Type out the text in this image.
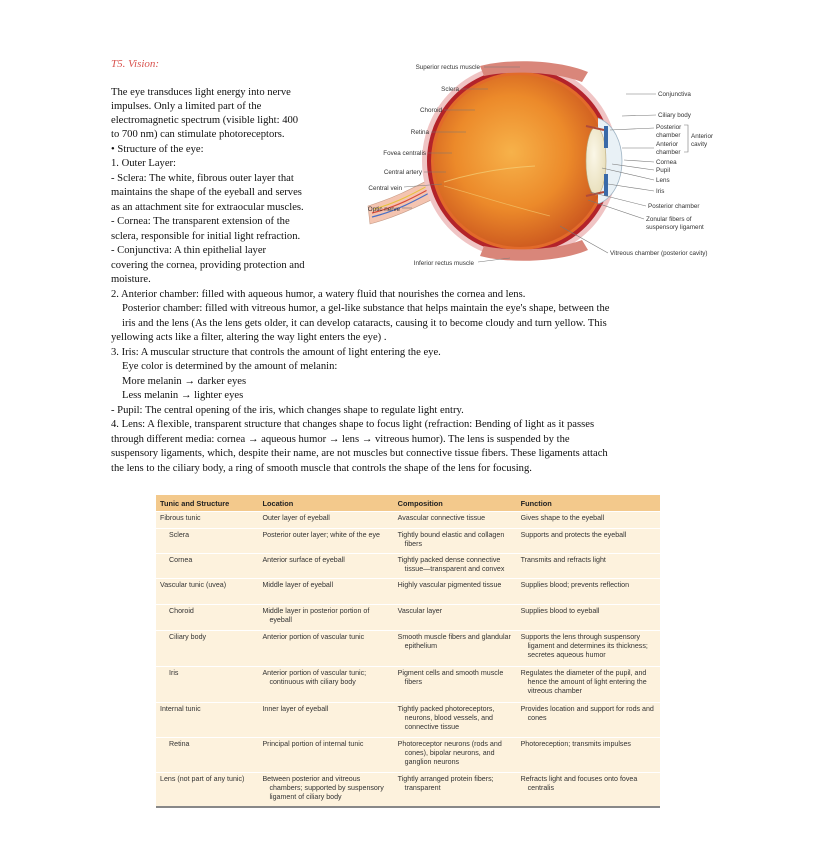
T5. Vision:
The eye transduces light energy into nerve
impulses. Only a limited part of the
electromagnetic spectrum (visible light: 400
to 700 nm) can stimulate photoreceptors.
• Structure of the eye:
1. Outer Layer:
- Sclera: The white, fibrous outer layer that
maintains the shape of the eyeball and serves
as an attachment site for extraocular muscles.
- Cornea: The transparent extension of the
sclera, responsible for initial light refraction.
- Conjunctiva: A thin epithelial layer
covering the cornea, providing protection and
moisture.
2. Anterior chamber: filled with aqueous humor, a watery fluid that nourishes the cornea and lens.
Posterior chamber: filled with vitreous humor, a gel-like substance that helps maintain the eye's shape, between the
iris and the lens (As the lens gets older, it can develop cataracts, causing it to become cloudy and turn yellow. This
yellowing acts like a filter, altering the way light enters the eye) .
3. Iris: A muscular structure that controls the amount of light entering the eye.
Eye color is determined by the amount of melanin:
More melanin → darker eyes
Less melanin → lighter eyes
- Pupil: The central opening of the iris, which changes shape to regulate light entry.
4. Lens: A flexible, transparent structure that changes shape to focus light (refraction: Bending of light as it passes
through different media: cornea → aqueous humor → lens → vitreous humor). The lens is suspended by the
suspensory ligaments, which, despite their name, are not muscles but connective tissue fibers. These ligaments attach
the lens to the ciliary body, a ring of smooth muscle that controls the shape of the lens for focusing.
Superior rectus muscle
Sclera
Choroid
Retina
Fovea centralis
Central artery
Central vein
Optic nerve
Inferior rectus muscle
Conjunctiva
Ciliary body
Posterior
chamber
Anterior
chamber
Anterior
cavity
Cornea
Pupil
Lens
Iris
Posterior chamber
Zonular fibers of
suspensory ligament
Vitreous chamber (posterior cavity)
Tunic and Structure	Location	Composition	Function

Fibrous tunic	Outer layer of eyeball	Avascular connective tissue	Gives shape to the eyeball

Sclera	Posterior outer layer; white of the eye	Tightly bound elastic and collagen fibers	Supports and protects the eyeball

Cornea	Anterior surface of eyeball	Tightly packed dense connective tissue—transparent and convex	Transmits and refracts light

Vascular tunic (uvea)	Middle layer of eyeball	Highly vascular pigmented tissue	Supplies blood; prevents reflection

Choroid	Middle layer in posterior portion of eyeball	Vascular layer	Supplies blood to eyeball

Ciliary body	Anterior portion of vascular tunic	Smooth muscle fibers and glandular epithelium	Supports the lens through suspensory ligament and determines its thickness; secretes aqueous humor

Iris	Anterior portion of vascular tunic; continuous with ciliary body	Pigment cells and smooth muscle fibers	Regulates the diameter of the pupil, and hence the amount of light entering the vitreous chamber

Internal tunic	Inner layer of eyeball	Tightly packed photoreceptors, neurons, blood vessels, and connective tissue	Provides location and support for rods and cones

Retina	Principal portion of internal tunic	Photoreceptor neurons (rods and cones), bipolar neurons, and ganglion neurons	Photoreception; transmits impulses

Lens (not part of any tunic)	Between posterior and vitreous chambers; supported by suspensory ligament of ciliary body	Tightly arranged protein fibers; transparent	Refracts light and focuses onto fovea centralis
